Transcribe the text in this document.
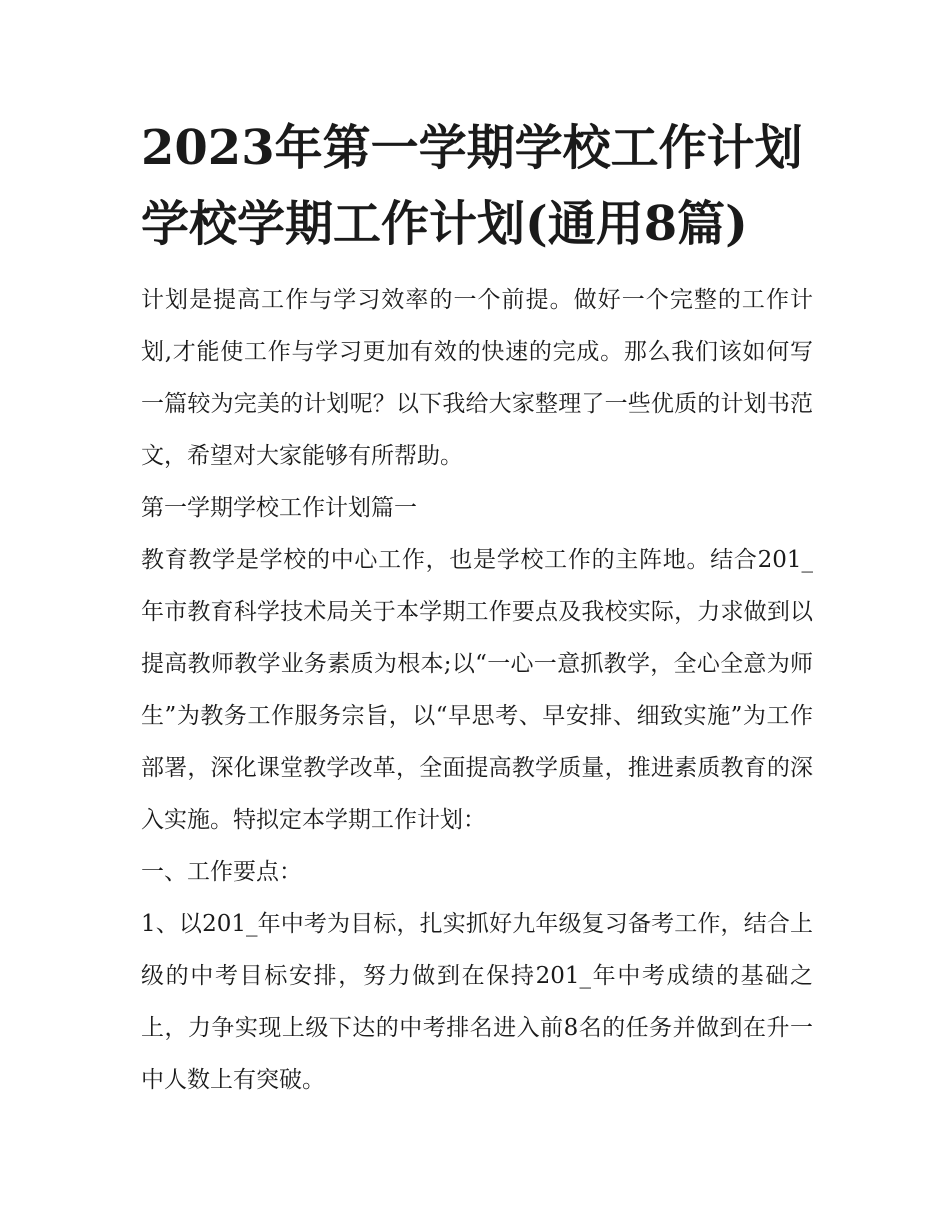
2023年第一学期学校工作计划
学校学期工作计划(通用8篇)

计划是提高工作与学习效率的一个前提。做好一个完整的工作计划,才能使工作与学习更加有效的快速的完成。那么我们该如何写一篇较为完美的计划呢？以下我给大家整理了一些优质的计划书范文，希望对大家能够有所帮助。

第一学期学校工作计划篇一

教育教学是学校的中心工作，也是学校工作的主阵地。结合201_年市教育科学技术局关于本学期工作要点及我校实际，力求做到以提高教师教学业务素质为根本;以“一心一意抓教学，全心全意为师生”为教务工作服务宗旨，以“早思考、早安排、细致实施”为工作部署，深化课堂教学改革，全面提高教学质量，推进素质教育的深入实施。特拟定本学期工作计划：

一、工作要点：

1、以201_年中考为目标，扎实抓好九年级复习备考工作，结合上级的中考目标安排，努力做到在保持201_年中考成绩的基础之上，力争实现上级下达的中考排名进入前8名的任务并做到在升一中人数上有突破。
